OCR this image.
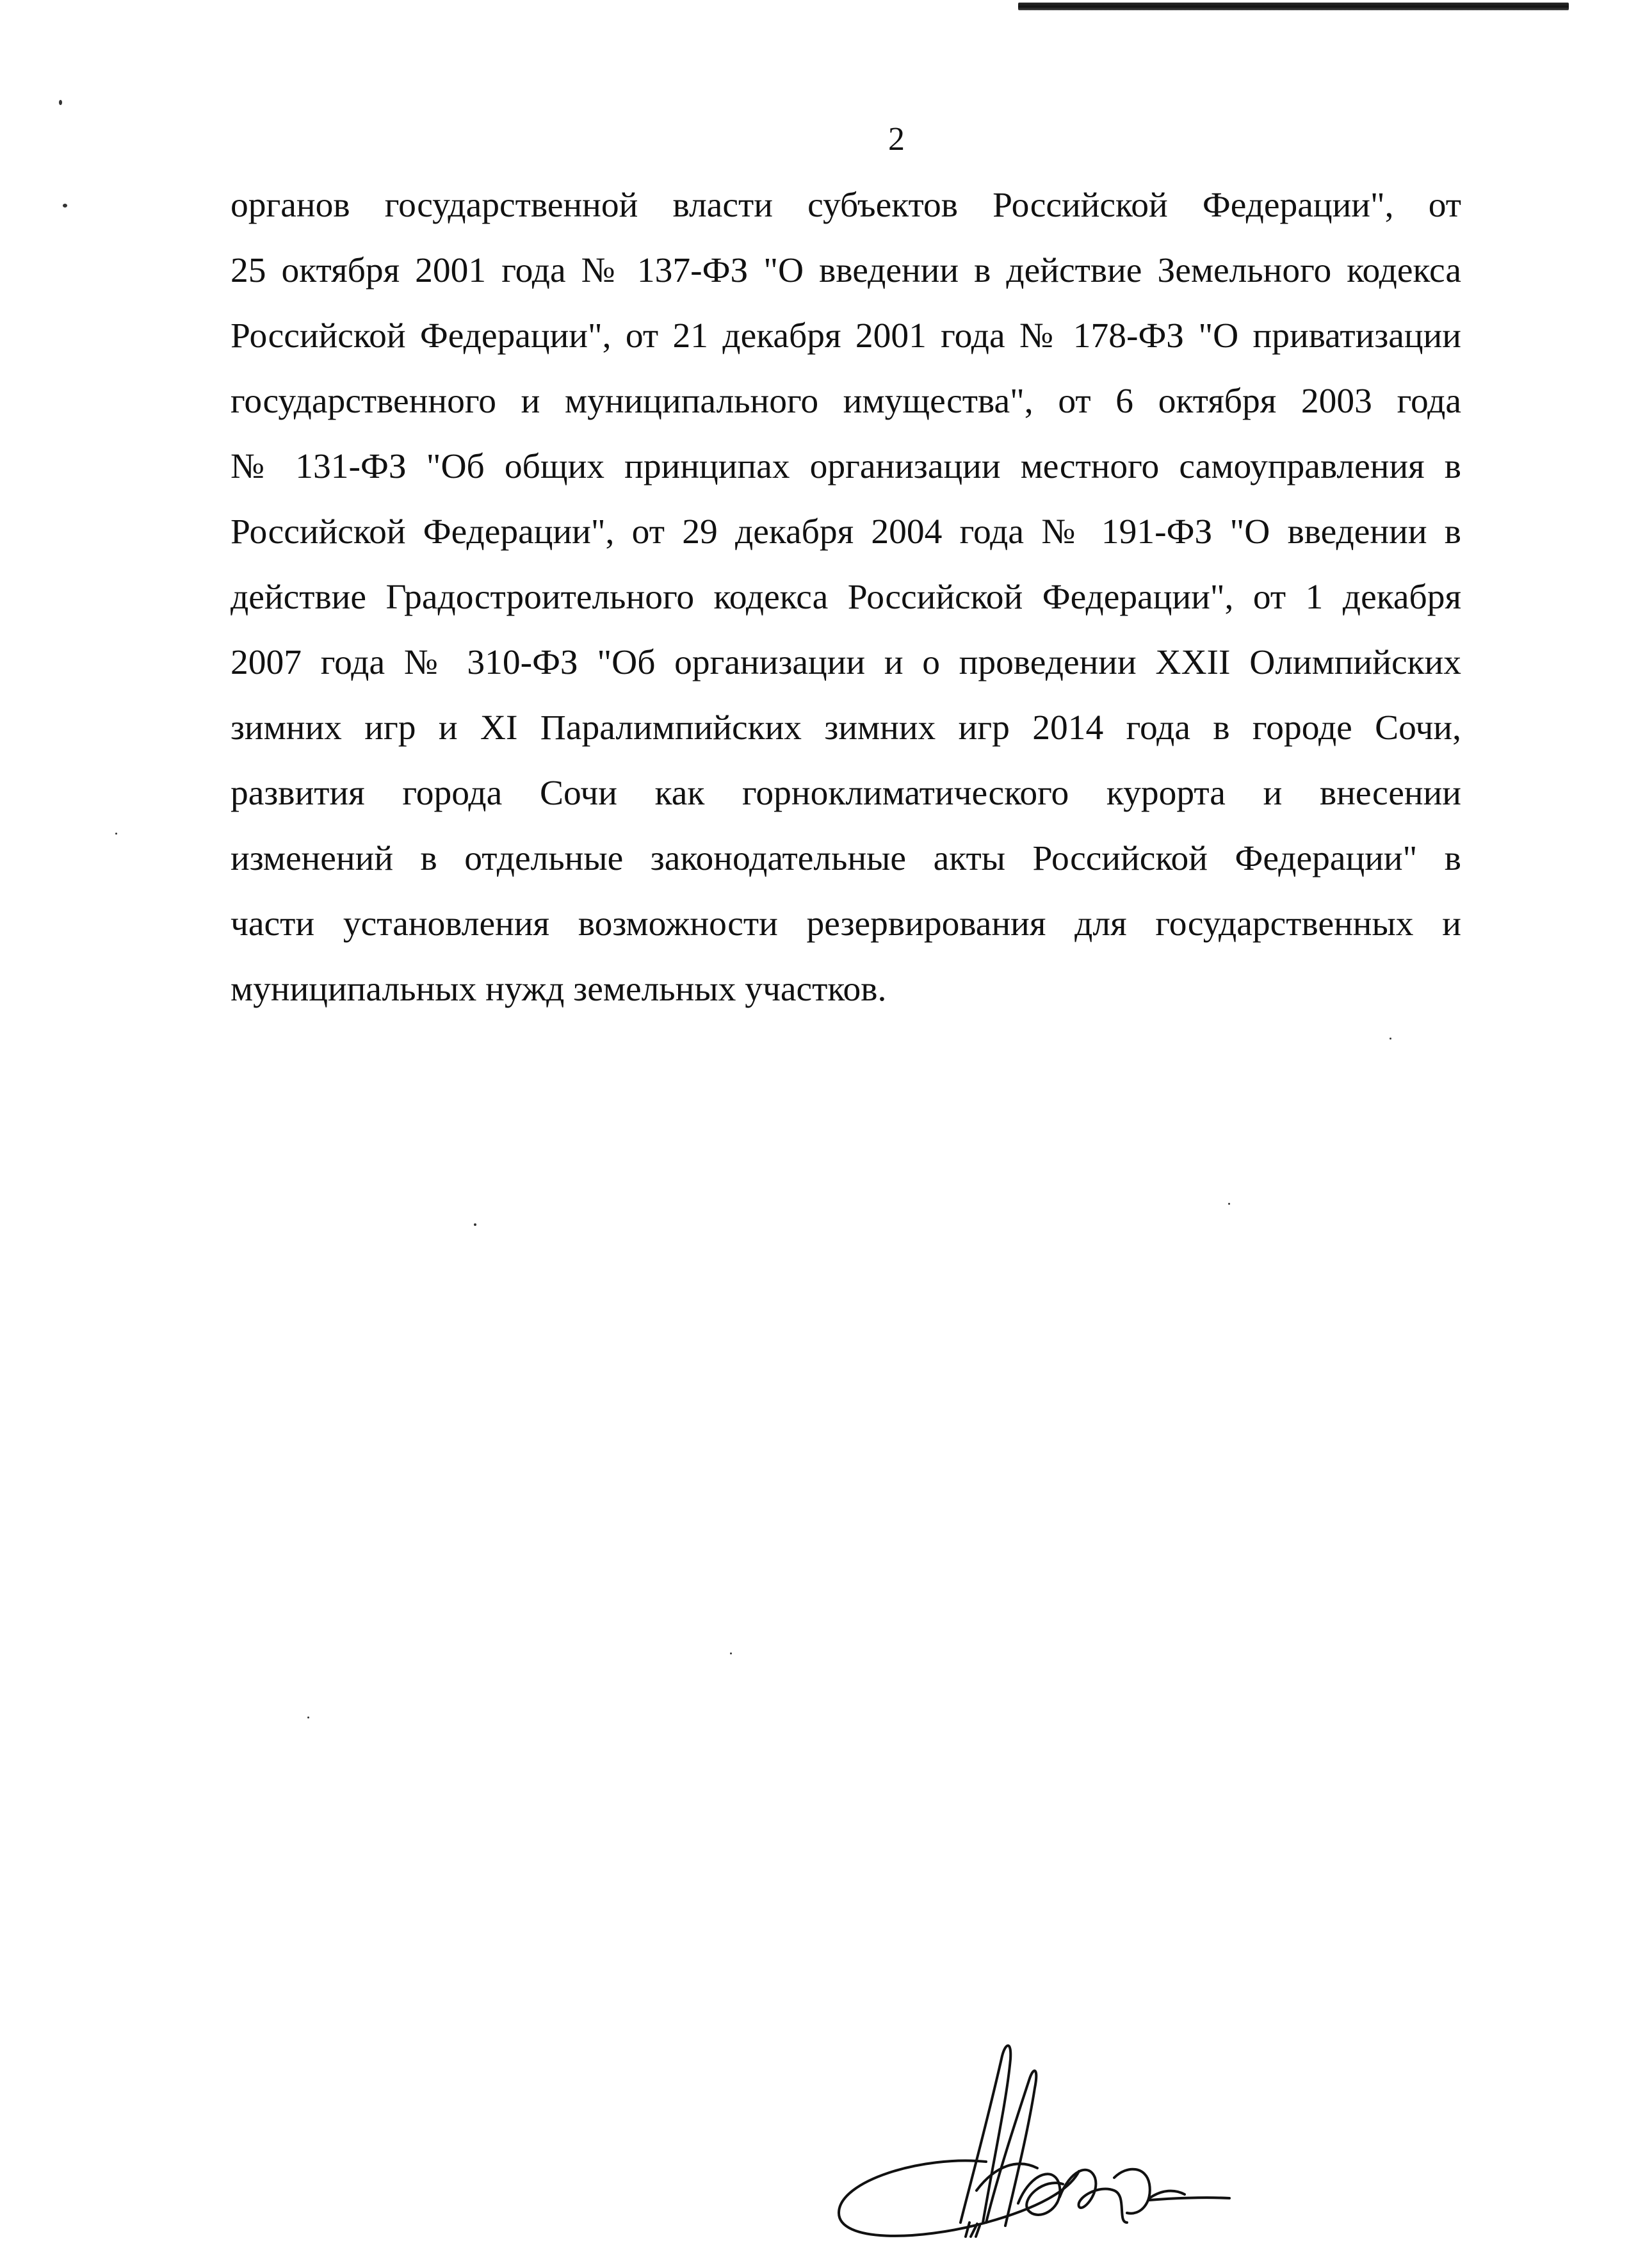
2
органов государственной власти субъектов Российской Федерации", от
25 октября 2001 года № 137-ФЗ "О введении в действие Земельного кодекса
Российской Федерации", от 21 декабря 2001 года № 178-ФЗ "О приватизации
государственного и муниципального имущества", от 6 октября 2003 года
№ 131-ФЗ "Об общих принципах организации местного самоуправления в
Российской Федерации", от 29 декабря 2004 года № 191-ФЗ "О введении в
действие Градостроительного кодекса Российской Федерации", от 1 декабря
2007 года № 310-ФЗ "Об организации и о проведении XXII Олимпийских
зимних игр и XI Паралимпийских зимних игр 2014 года в городе Сочи,
развития города Сочи как горноклиматического курорта и внесении
изменений в отдельные законодательные акты Российской Федерации" в
части установления возможности резервирования для государственных и
муниципальных нужд земельных участков.
